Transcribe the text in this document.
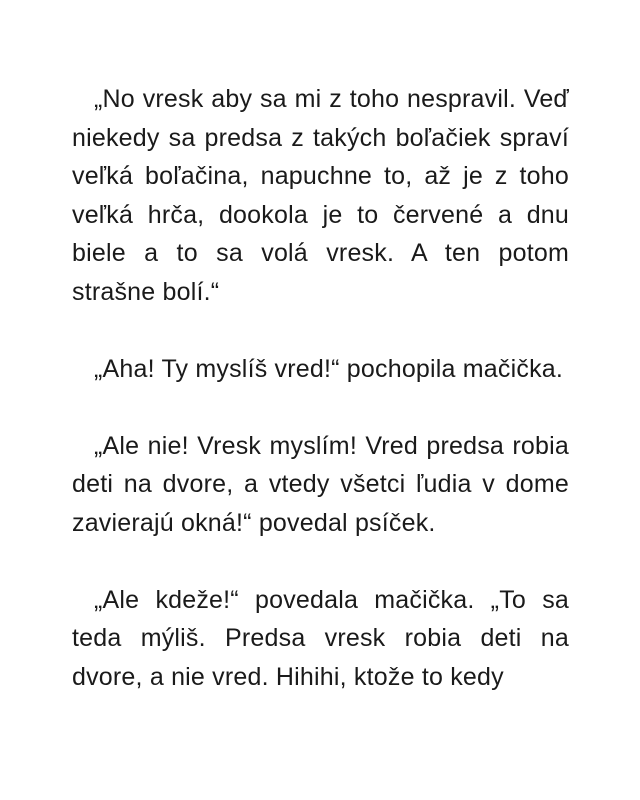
„No vresk aby sa mi z toho nespravil. Veď niekedy sa predsa z takých boľačiek spraví veľká boľačina, napuchne to, až je z toho veľká hrča, dookola je to červené a dnu biele a to sa volá vresk. A ten potom strašne bolí.“

„Aha! Ty myslíš vred!“ pochopila mačička.

„Ale nie! Vresk myslím! Vred predsa robia deti na dvore, a vtedy všetci ľudia v dome zavierajú okná!“ povedal psíček.

„Ale kdeže!“ povedala mačička. „To sa teda mýliš. Predsa vresk robia deti na dvore, a nie vred. Hihihi, ktože to kedy
